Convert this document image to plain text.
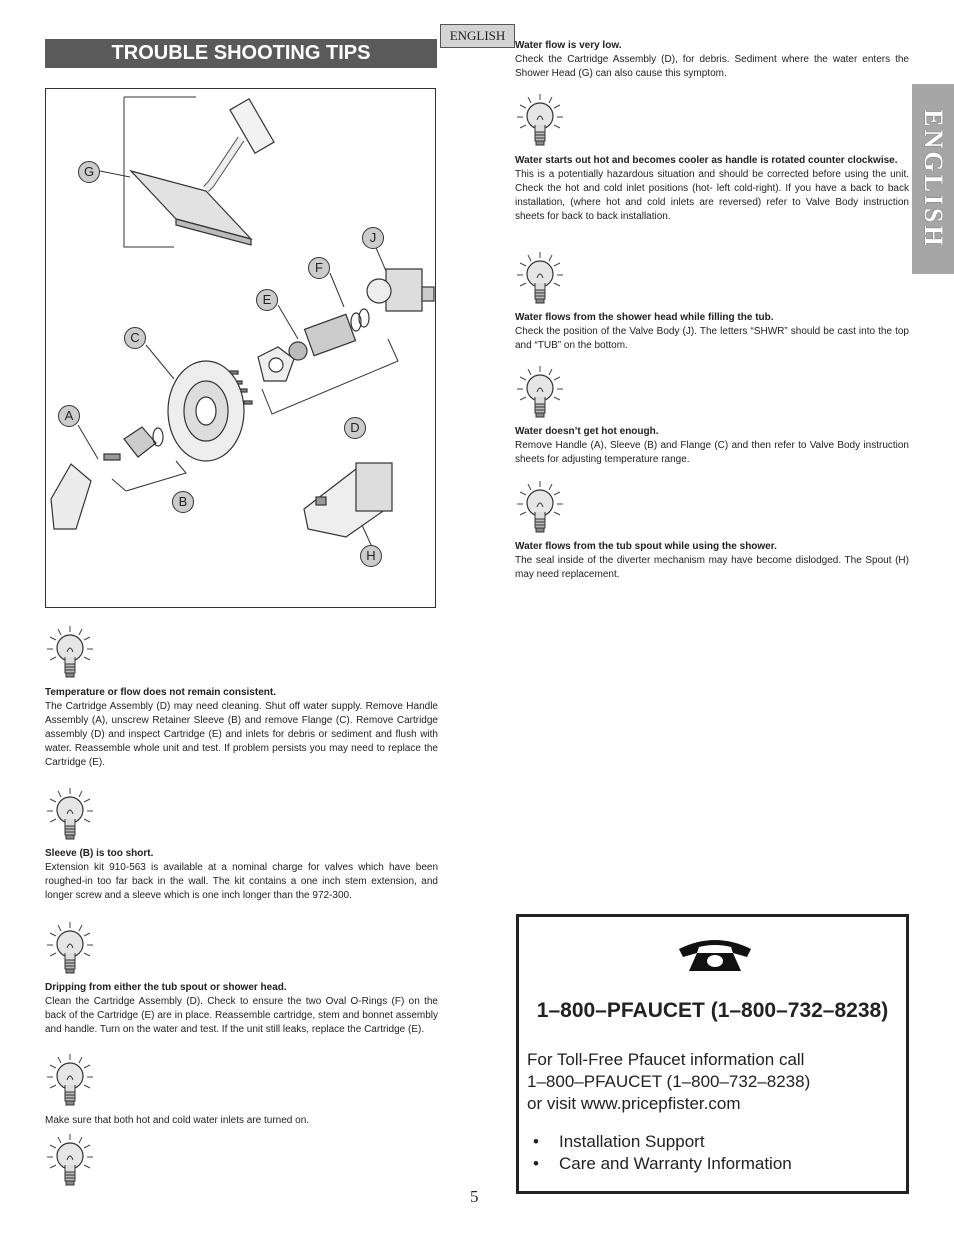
TROUBLE SHOOTING TIPS
ENGLISH
ENGLISH
G
J
F
E
C
A
D
B
H
Water flow is very low.
Check the Cartridge Assembly (D), for debris. Sediment where the water enters the Shower Head (G) can also cause this symptom.
Water starts out hot and becomes cooler as handle is rotated counter clockwise.
This is a potentially hazardous situation and should be corrected before using the unit. Check the hot and cold inlet positions (hot- left cold-right). If you have a back to back installation, (where hot and cold inlets are reversed) refer to Valve Body instruction sheets for back to back installation.
Water flows from the shower head while filling the tub.
Check the position of the Valve Body (J). The letters “SHWR” should be cast into the top and “TUB” on the bottom.
Water doesn’t get hot enough.
Remove Handle (A), Sleeve (B) and Flange (C) and then refer to Valve Body instruction sheets for adjusting temperature range.
Water flows from the tub spout while using the shower.
The seal inside of the diverter mechanism may have become dislodged. The Spout (H) may need replacement.
Temperature or flow does not remain consistent.
The Cartridge Assembly (D) may need cleaning. Shut off water supply. Remove Handle Assembly (A), unscrew Retainer Sleeve (B) and remove Flange (C). Remove Cartridge assembly (D) and inspect Cartridge (E) and inlets for debris or sediment and flush with water. Reassemble whole unit and test. If problem persists you may need to replace the Cartridge (E).
Sleeve (B) is too short.
Extension kit 910-563 is available at a nominal charge for valves which have been roughed-in too far back in the wall. The kit contains a one inch stem extension, and longer screw and a sleeve which is one inch longer than the 972-300.
Dripping from either the tub spout or shower head.
Clean the Cartridge Assembly (D). Check to ensure the two Oval O-Rings (F) on the back of the Cartridge (E) are in place. Reassemble cartridge, stem and bonnet assembly and handle. Turn on the water and test. If the unit still leaks, replace the Cartridge (E).
Make sure that both hot and cold water inlets are turned on.
1–800–PFAUCET (1–800–732–8238)
For Toll-Free Pfaucet information call
1–800–PFAUCET (1–800–732–8238)
or visit www.pricepfister.com
• Installation Support
• Care and Warranty Information
5
